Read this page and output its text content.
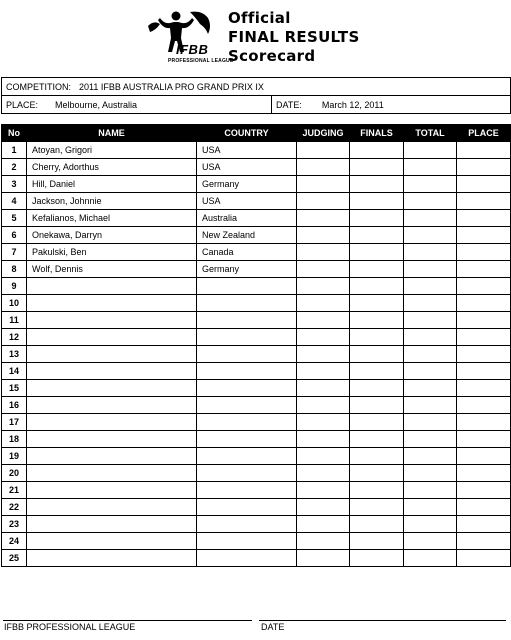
IFBB
PROFESSIONAL LEAGUE
Official
FINAL RESULTS
Scorecard
COMPETITION: 2011 IFBB AUSTRALIA PRO GRAND PRIX IX
PLACE: Melbourne, Australia	DATE: March 12, 2011
No	NAME	COUNTRY	JUDGING	FINALS	TOTAL	PLACE
1	Atoyan, Grigori	USA				
2	Cherry, Adorthus	USA				
3	Hill, Daniel	Germany				
4	Jackson, Johnnie	USA				
5	Kefalianos, Michael	Australia				
6	Onekawa, Darryn	New Zealand				
7	Pakulski, Ben	Canada				
8	Wolf, Dennis	Germany				
9						
10						
11						
12						
13						
14						
15						
16						
17						
18						
19						
20						
21						
22						
23						
24						
25						
IFBB PROFESSIONAL LEAGUE	DATE
